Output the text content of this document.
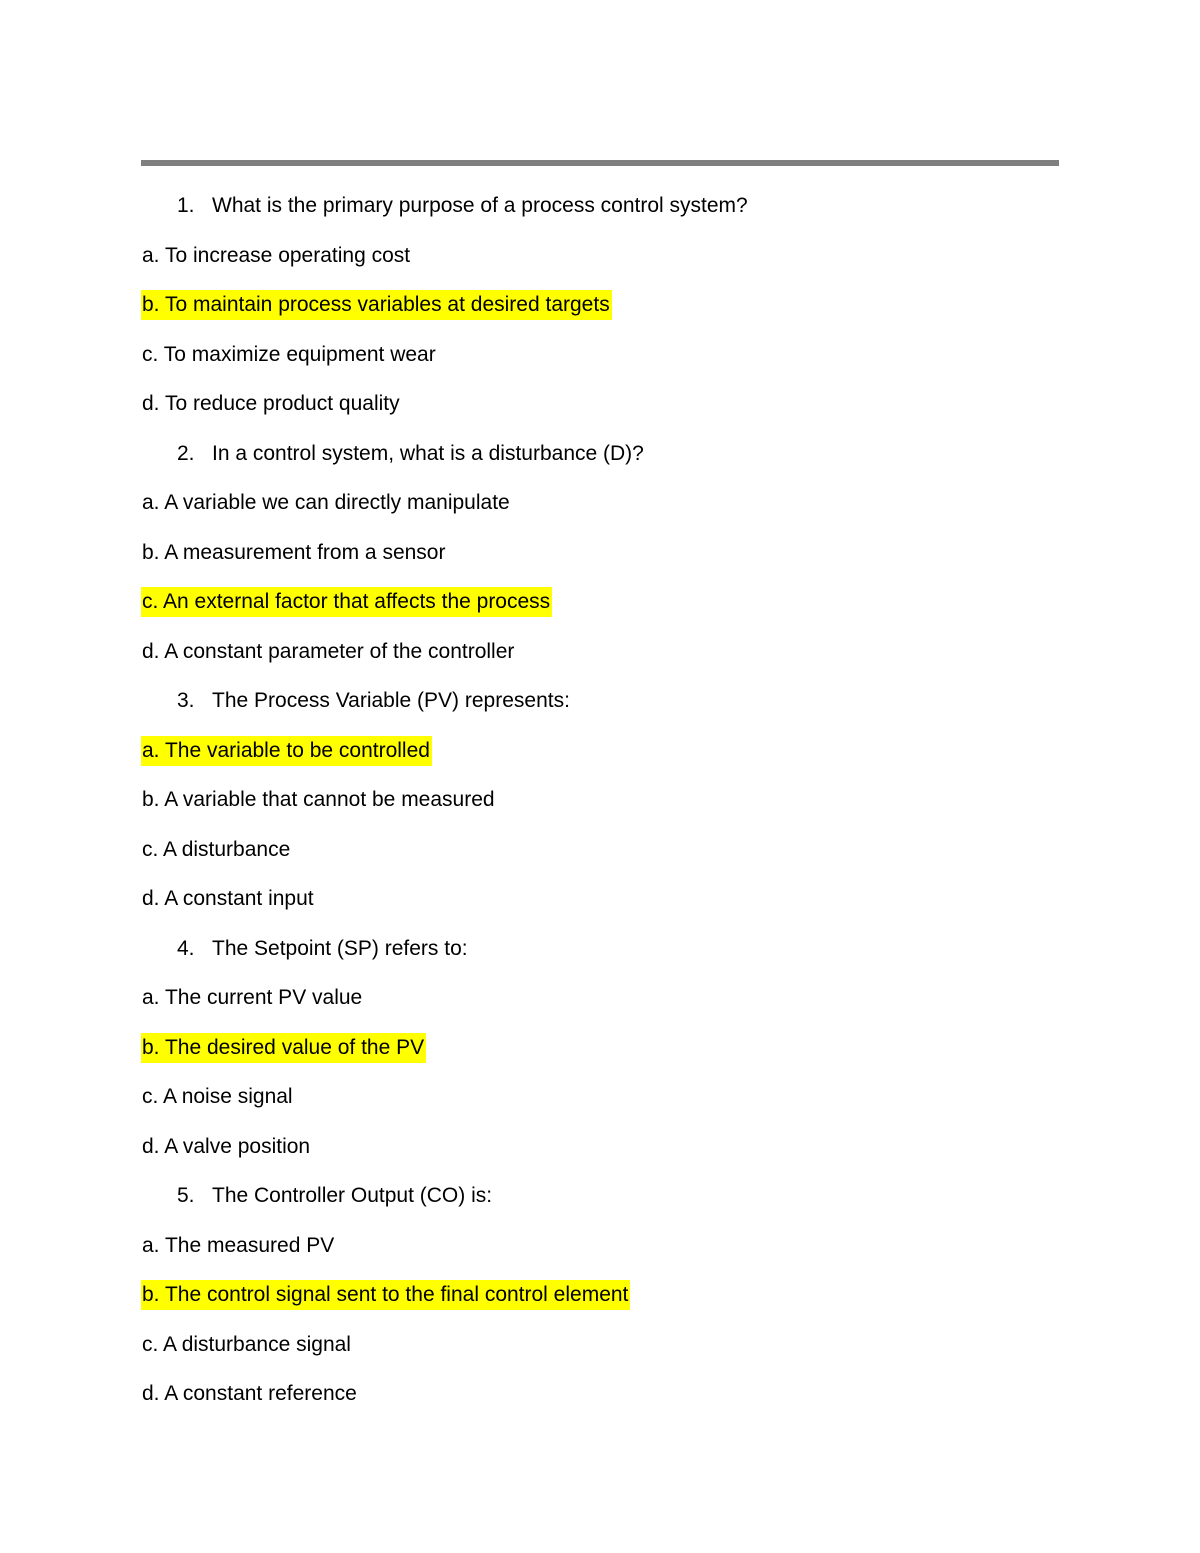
1. What is the primary purpose of a process control system?
a. To increase operating cost
b. To maintain process variables at desired targets
c. To maximize equipment wear
d. To reduce product quality
2. In a control system, what is a disturbance (D)?
a. A variable we can directly manipulate
b. A measurement from a sensor
c. An external factor that affects the process
d. A constant parameter of the controller
3. The Process Variable (PV) represents:
a. The variable to be controlled
b. A variable that cannot be measured
c. A disturbance
d. A constant input
4. The Setpoint (SP) refers to:
a. The current PV value
b. The desired value of the PV
c. A noise signal
d. A valve position
5. The Controller Output (CO) is:
a. The measured PV
b. The control signal sent to the final control element
c. A disturbance signal
d. A constant reference
